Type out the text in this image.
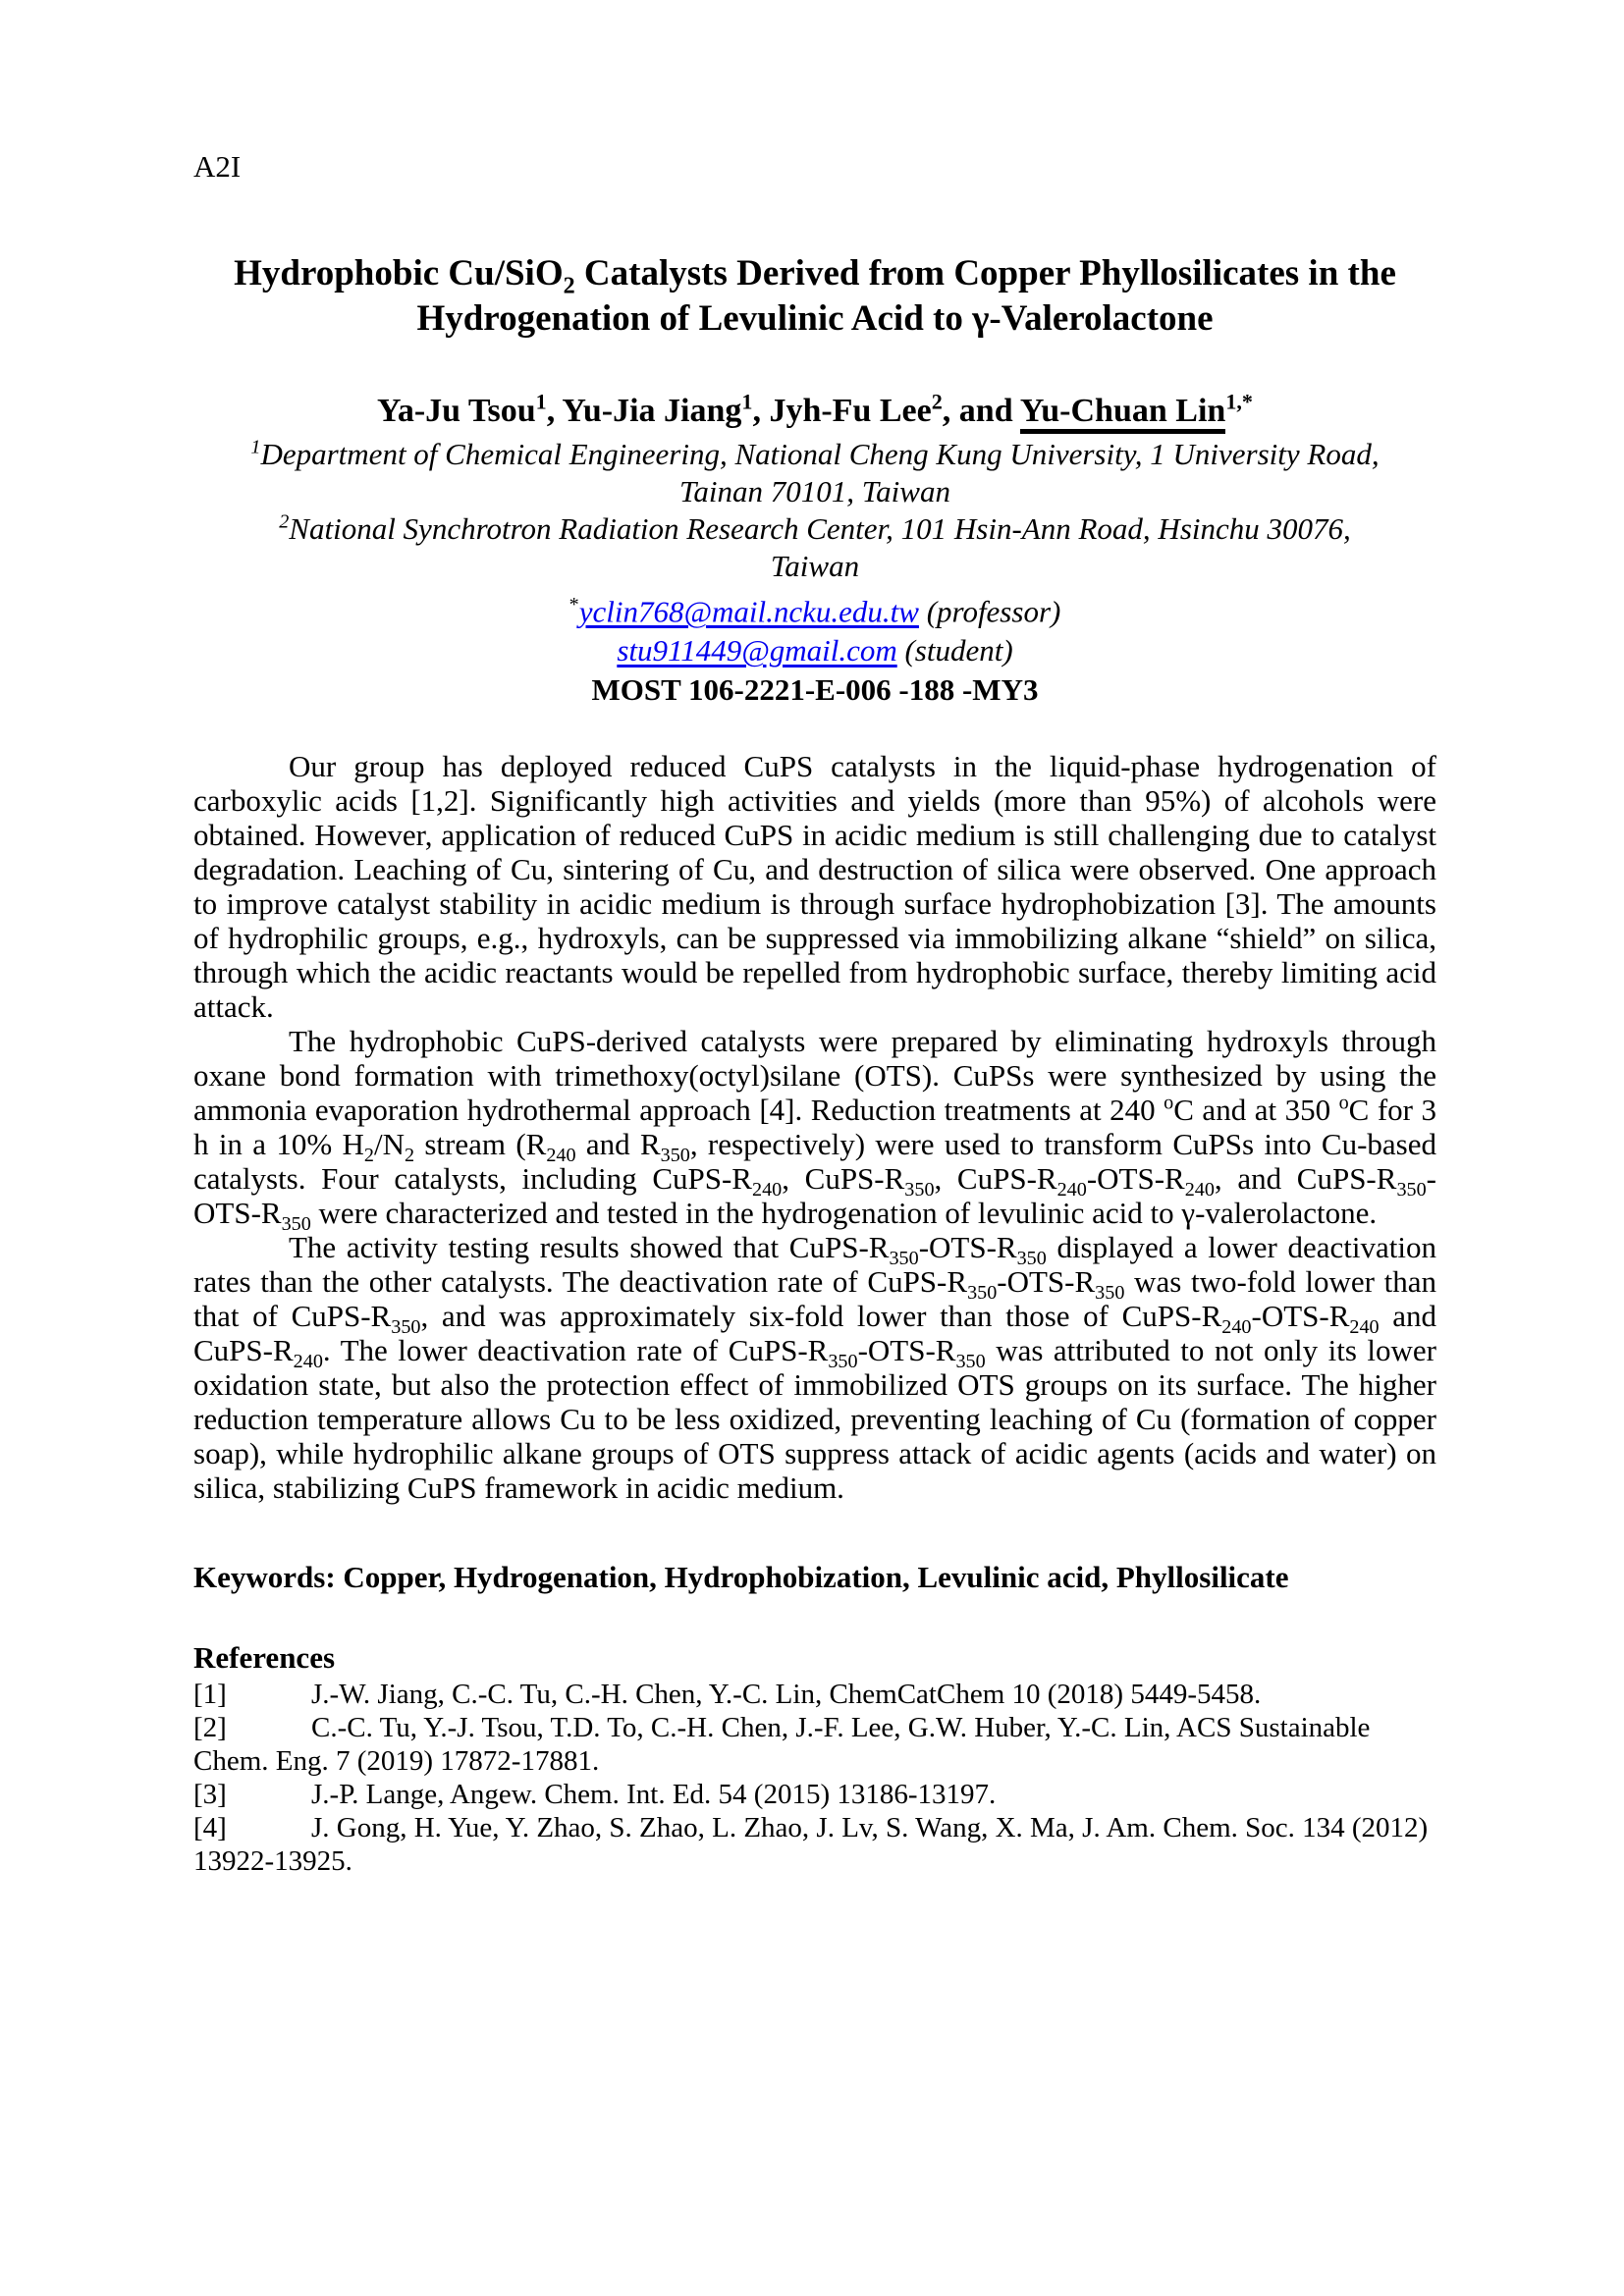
A2I
Hydrophobic Cu/SiO$_2$ Catalysts Derived from Copper Phyllosilicates in the
Hydrogenation of Levulinic Acid to γ-Valerolactone
Ya-Ju Tsou$^1$, Yu-Jia Jiang$^1$, Jyh-Fu Lee$^2$, and Yu-Chuan Lin$^{1,*}$
$^1$Department of Chemical Engineering, National Cheng Kung University, 1 University Road,
Tainan 70101, Taiwan
$^2$National Synchrotron Radiation Research Center, 101 Hsin-Ann Road, Hsinchu 30076,
Taiwan
*yclin768@mail.ncku.edu.tw (professor)
stu911449@gmail.com (student)
MOST 106-2221-E-006 -188 -MY3

Our group has deployed reduced CuPS catalysts in the liquid-phase hydrogenation of carboxylic acids [1,2]. Significantly high activities and yields (more than 95%) of alcohols were obtained. However, application of reduced CuPS in acidic medium is still challenging due to catalyst degradation. Leaching of Cu, sintering of Cu, and destruction of silica were observed. One approach to improve catalyst stability in acidic medium is through surface hydrophobization [3]. The amounts of hydrophilic groups, e.g., hydroxyls, can be suppressed via immobilizing alkane “shield” on silica, through which the acidic reactants would be repelled from hydrophobic surface, thereby limiting acid attack.

The hydrophobic CuPS-derived catalysts were prepared by eliminating hydroxyls through oxane bond formation with trimethoxy(octyl)silane (OTS). CuPSs were synthesized by using the ammonia evaporation hydrothermal approach [4]. Reduction treatments at 240 $^o$C and at 350 $^o$C for 3 h in a 10% $H_2/N_2$ stream ($R_{240}$ and $R_{350}$, respectively) were used to transform CuPSs into Cu-based catalysts. Four catalysts, including CuPS-$R_{240}$, CuPS-$R_{350}$, CuPS-$R_{240}-OTS-R_{240}$, and CuPS-$R_{350}-OTS-R_{350}$ were characterized and tested in the hydrogenation of levulinic acid to γ-valerolactone.

The activity testing results showed that CuPS-$R_{350}-OTS-R_{350}$ displayed a lower deactivation rates than the other catalysts. The deactivation rate of CuPS-$R_{350}-OTS-R_{350}$ was two-fold lower than that of CuPS-$R_{350}$, and was approximately six-fold lower than those of CuPS-$R_{240}-OTS-R_{240}$ and CuPS-$R_{240}$. The lower deactivation rate of CuPS-$R_{350}-OTS-R_{350}$ was attributed to not only its lower oxidation state, but also the protection effect of immobilized OTS groups on its surface. The higher reduction temperature allows Cu to be less oxidized, preventing leaching of Cu (formation of copper soap), while hydrophilic alkane groups of OTS suppress attack of acidic agents (acids and water) on silica, stabilizing CuPS framework in acidic medium.

Keywords: Copper, Hydrogenation, Hydrophobization, Levulinic acid, Phyllosilicate
References
[1]	J.-W. Jiang, C.-C. Tu, C.-H. Chen, Y.-C. Lin, ChemCatChem 10 (2018) 5449-5458.
[2]	C.-C. Tu, Y.-J. Tsou, T.D. To, C.-H. Chen, J.-F. Lee, G.W. Huber, Y.-C. Lin, ACS Sustainable Chem. Eng. 7 (2019) 17872-17881.
[3]	J.-P. Lange, Angew. Chem. Int. Ed. 54 (2015) 13186-13197.
[4]	J. Gong, H. Yue, Y. Zhao, S. Zhao, L. Zhao, J. Lv, S. Wang, X. Ma, J. Am. Chem. Soc. 134 (2012) 13922-13925.
